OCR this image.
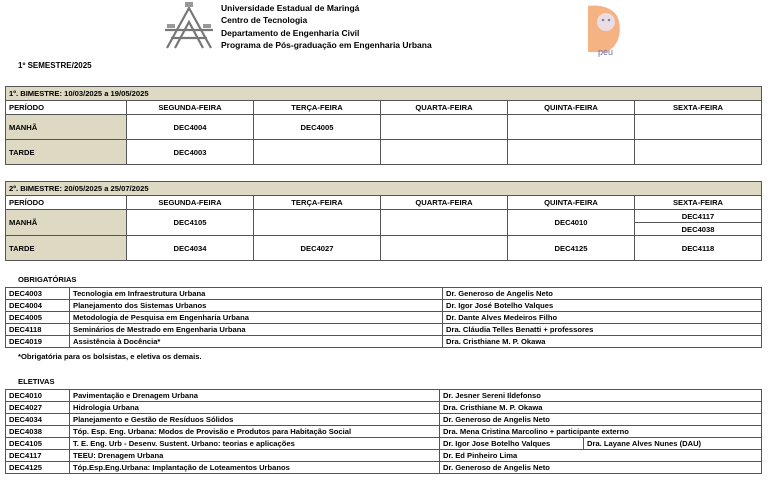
Universidade Estadual de Maringá
Centro de Tecnologia
Departamento de Engenharia Civil
Programa de Pós-graduação em Engenharia Urbana
peu
1º SEMESTRE/2025
1º. BIMESTRE: 10/03/2025 a 19/05/2025					
PERÍODO	SEGUNDA-FEIRA	TERÇA-FEIRA	QUARTA-FEIRA	QUINTA-FEIRA	SEXTA-FEIRA
MANHÃ	DEC4004	DEC4005			
TARDE	DEC4003				
2º. BIMESTRE: 20/05/2025 a 25/07/2025					
PERÍODO	SEGUNDA-FEIRA	TERÇA-FEIRA	QUARTA-FEIRA	QUINTA-FEIRA	SEXTA-FEIRA
MANHÃ	DEC4105			DEC4010	DEC4117
					DEC4038
TARDE	DEC4034	DEC4027		DEC4125	DEC4118
OBRIGATÓRIAS
DEC4003	Tecnologia em Infraestrutura Urbana	Dr. Generoso de Angelis Neto
DEC4004	Planejamento dos Sistemas Urbanos	Dr. Igor José Botelho Valques
DEC4005	Metodologia de Pesquisa em Engenharia Urbana	Dr. Dante Alves Medeiros Filho
DEC4118	Seminários de Mestrado em Engenharia Urbana	Dra. Cláudia Telles Benatti + professores
DEC4019	Assistência à Docência*	Dra. Cristhiane M. P. Okawa
*Obrigatória para os bolsistas, e eletiva os demais.
ELETIVAS
DEC4010	Pavimentação e Drenagem Urbana	Dr. Jesner Sereni Ildefonso	
DEC4027	Hidrologia Urbana	Dra. Cristhiane M. P. Okawa	
DEC4034	Planejamento e Gestão de Resíduos Sólidos	Dr. Generoso de Angelis Neto	
DEC4038	Tóp. Esp. Eng. Urbana: Modos de Provisão e Produtos para Habitação Social	Dra. Mena Cristina Marcolino + participante externo	
DEC4105	T. E. Eng. Urb - Desenv. Sustent. Urbano: teorias e aplicações	Dr. Igor Jose Botelho Valques	Dra. Layane Alves Nunes (DAU)
DEC4117	TEEU: Drenagem Urbana	Dr. Ed Pinheiro Lima	
DEC4125	Tóp.Esp.Eng.Urbana: Implantação de Loteamentos Urbanos	Dr. Generoso de Angelis Neto	
